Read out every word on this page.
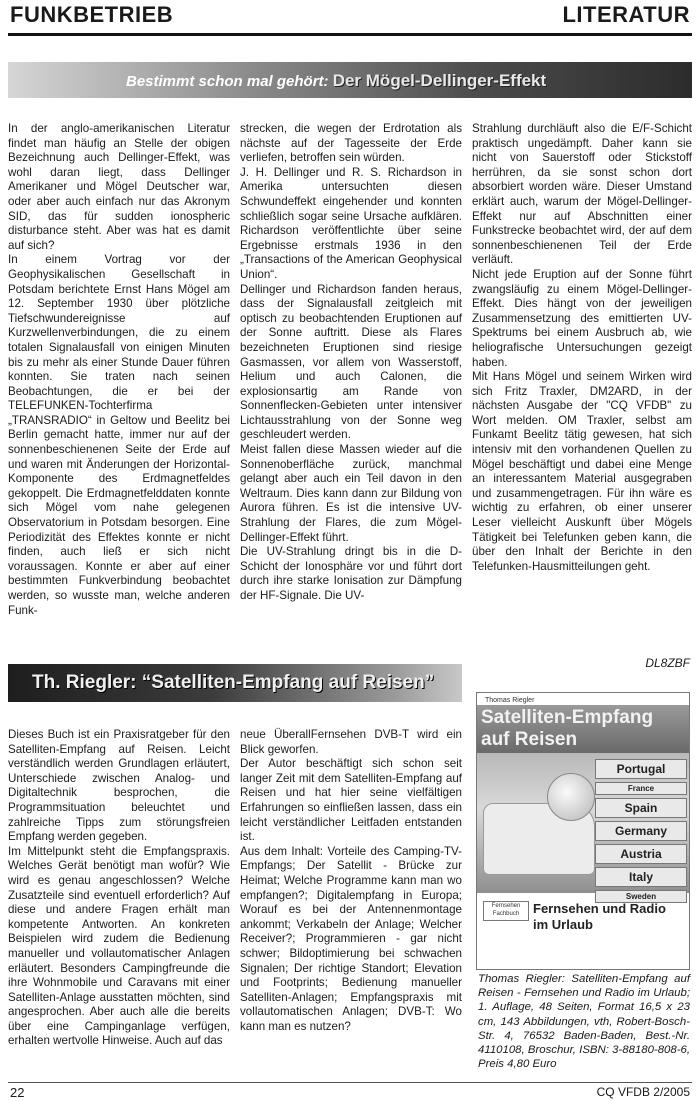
FUNKBETRIEB	LITERATUR
Bestimmt schon mal gehört: Der Mögel-Dellinger-Effekt
In der anglo-amerikanischen Literatur findet man häufig an Stelle der obigen Bezeichnung auch Dellinger-Effekt, was wohl daran liegt, dass Dellinger Amerikaner und Mögel Deutscher war, oder aber auch einfach nur das Akronym SID, das für sudden ionospheric disturbance steht. Aber was hat es damit auf sich?
In einem Vortrag vor der Geophysikalischen Gesellschaft in Potsdam berichtete Ernst Hans Mögel am 12. September 1930 über plötzliche Tiefschwundereignisse auf Kurzwellenverbindungen, die zu einem totalen Signalausfall von einigen Minuten bis zu mehr als einer Stunde Dauer führen konnten. Sie traten nach seinen Beobachtungen, die er bei der TELEFUNKEN-Tochterfirma „TRANSRADIO“ in Geltow und Beelitz bei Berlin gemacht hatte, immer nur auf der sonnenbeschienenen Seite der Erde auf und waren mit Änderungen der Horizontal-Komponente des Erdmagnetfeldes gekoppelt. Die Erdmagnetfelddaten konnte sich Mögel vom nahe gelegenen Observatorium in Potsdam besorgen. Eine Periodizität des Effektes konnte er nicht finden, auch ließ er sich nicht voraussagen. Konnte er aber auf einer bestimmten Funkverbindung beobachtet werden, so wusste man, welche anderen Funk-
strecken, die wegen der Erdrotation als nächste auf der Tagesseite der Erde verliefen, betroffen sein würden.
J. H. Dellinger und R. S. Richardson in Amerika untersuchten diesen Schwundeffekt eingehender und konnten schließlich sogar seine Ursache aufklären. Richardson veröffentlichte über seine Ergebnisse erstmals 1936 in den „Transactions of the American Geophysical Union“.
Dellinger und Richardson fanden heraus, dass der Signalausfall zeitgleich mit optisch zu beobachtenden Eruptionen auf der Sonne auftritt. Diese als Flares bezeichneten Eruptionen sind riesige Gasmassen, vor allem von Wasserstoff, Helium und auch Calonen, die explosionsartig am Rande von Sonnenflecken-Gebieten unter intensiver Lichtausstrahlung von der Sonne weg geschleudert werden.
Meist fallen diese Massen wieder auf die Sonnenoberfläche zurück, manchmal gelangt aber auch ein Teil davon in den Weltraum. Dies kann dann zur Bildung von Aurora führen. Es ist die intensive UV-Strahlung der Flares, die zum Mögel-Dellinger-Effekt führt.
Die UV-Strahlung dringt bis in die D-Schicht der Ionosphäre vor und führt dort durch ihre starke Ionisation zur Dämpfung der HF-Signale. Die UV-
Strahlung durchläuft also die E/F-Schicht praktisch ungedämpft. Daher kann sie nicht von Sauerstoff oder Stickstoff herrühren, da sie sonst schon dort absorbiert worden wäre. Dieser Umstand erklärt auch, warum der Mögel-Dellinger-Effekt nur auf Abschnitten einer Funkstrecke beobachtet wird, der auf dem sonnenbeschienenen Teil der Erde verläuft.
Nicht jede Eruption auf der Sonne führt zwangsläufig zu einem Mögel-Dellinger-Effekt. Dies hängt von der jeweiligen Zusammensetzung des emittierten UV-Spektrums bei einem Ausbruch ab, wie heliografische Untersuchungen gezeigt haben.
Mit Hans Mögel und seinem Wirken wird sich Fritz Traxler, DM2ARD, in der nächsten Ausgabe der "CQ VFDB" zu Wort melden. OM Traxler, selbst am Funkamt Beelitz tätig gewesen, hat sich intensiv mit den vorhandenen Quellen zu Mögel beschäftigt und dabei eine Menge an interessantem Material ausgegraben und zusammengetragen. Für ihn wäre es wichtig zu erfahren, ob einer unserer Leser vielleicht Auskunft über Mögels Tätigkeit bei Telefunken geben kann, die über den Inhalt der Berichte in den Telefunken-Hausmitteilungen geht.
DL8ZBF
Th. Riegler: “Satelliten-Empfang auf Reisen”
Dieses Buch ist ein Praxisratgeber für den Satelliten-Empfang auf Reisen. Leicht verständlich werden Grundlagen erläutert, Unterschiede zwischen Analog- und Digitaltechnik besprochen, die Programmsituation beleuchtet und zahlreiche Tipps zum störungsfreien Empfang werden gegeben.
Im Mittelpunkt steht die Empfangspraxis. Welches Gerät benötigt man wofür? Wie wird es genau angeschlossen? Welche Zusatzteile sind eventuell erforderlich? Auf diese und andere Fragen erhält man kompetente Antworten. An konkreten Beispielen wird zudem die Bedienung manueller und vollautomatischer Anlagen erläutert. Besonders Campingfreunde die ihre Wohnmobile und Caravans mit einer Satelliten-Anlage ausstatten möchten, sind angesprochen. Aber auch alle die bereits über eine Campinganlage verfügen, erhalten wertvolle Hinweise. Auch auf das
neue ÜberallFernsehen DVB-T wird ein Blick geworfen.
Der Autor beschäftigt sich schon seit langer Zeit mit dem Satelliten-Empfang auf Reisen und hat hier seine vielfältigen Erfahrungen so einfließen lassen, dass ein leicht verständlicher Leitfaden entstanden ist.
Aus dem Inhalt: Vorteile des Camping-TV-Empfangs; Der Satellit - Brücke zur Heimat; Welche Programme kann man wo empfangen?; Digitalempfang in Europa; Worauf es bei der Antennenmontage ankommt; Verkabeln der Anlage; Welcher Receiver?; Programmieren - gar nicht schwer; Bildoptimierung bei schwachen Signalen; Der richtige Standort; Elevation und Footprints; Bedienung manueller Satelliten-Anlagen; Empfangspraxis mit vollautomatischen Anlagen; DVB-T: Wo kann man es nutzen?
Thomas Riegler
Satelliten-Empfang auf Reisen
Portugal
France
Spain
Germany
Austria
Italy
Sweden
Fernsehen Fachbuch	Fernsehen und Radio im Urlaub
Thomas Riegler: Satelliten-Empfang auf Reisen - Fernsehen und Radio im Urlaub; 1. Auflage, 48 Seiten, Format 16,5 x 23 cm, 143 Abbildungen, vth, Robert-Bosch-Str. 4, 76532 Baden-Baden, Best.-Nr. 4110108, Broschur, ISBN: 3-88180-808-6, Preis 4,80 Euro
22	CQ VFDB 2/2005
